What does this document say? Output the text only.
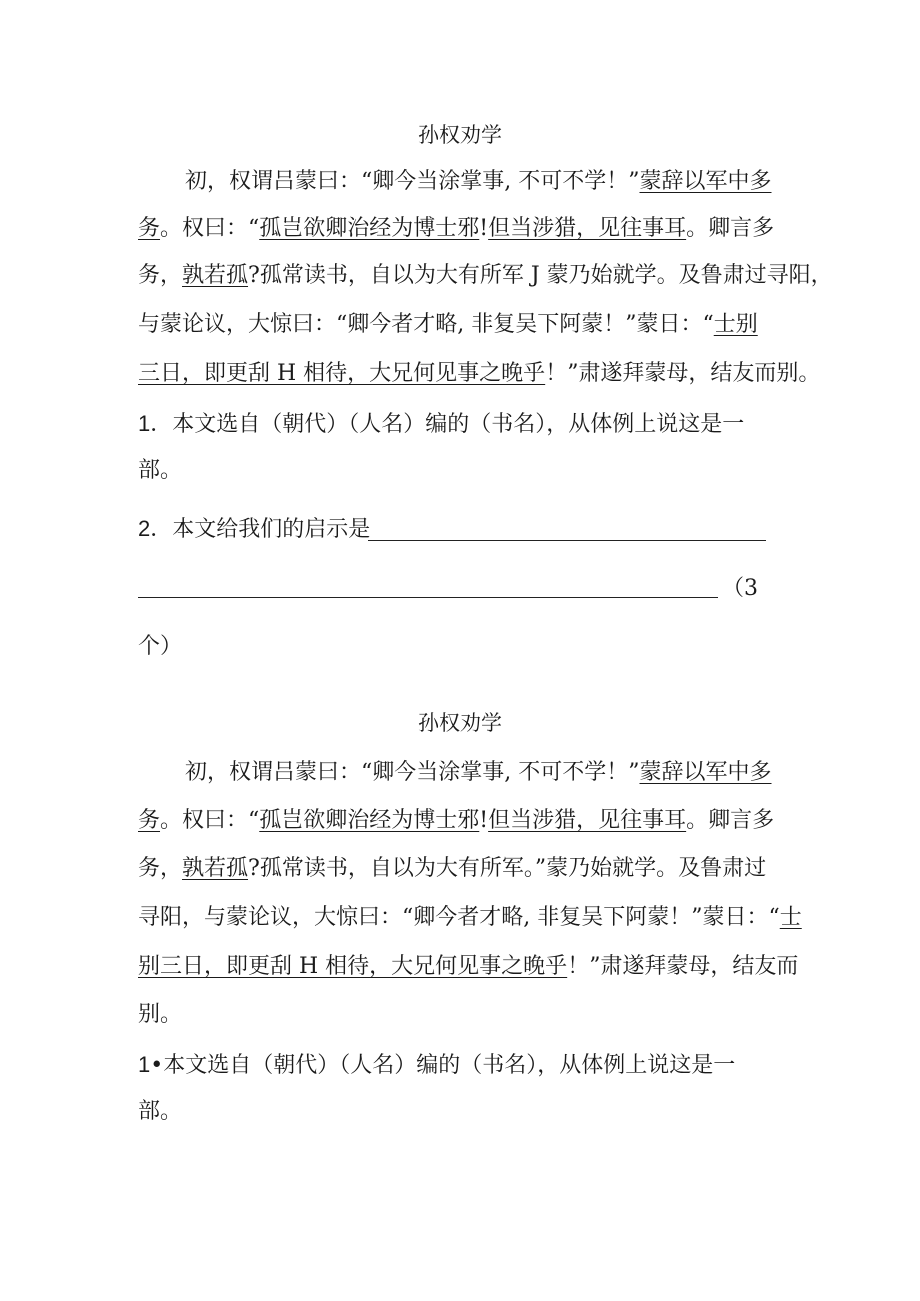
孙权劝学

初，权谓吕蒙曰：“卿今当涂掌事, 不可不学！”蒙辞以军中多

务。权曰：“孤岂欲卿治经为博士邪!但当涉猎，见往事耳。卿言多

务，孰若孤?孤常读书，自以为大有所军 J 蒙乃始就学。及鲁肃过寻阳，

与蒙论议，大惊曰：“卿今者才略, 非复吴下阿蒙！”蒙日：“士别

三日，即更刮 H 相待，大兄何见事之晚乎！”肃遂拜蒙母，结友而别。

1．本文选自（朝代）（人名）编的（书名），从体例上说这是一

部。

2．本文给我们的启示是

（3

个）

孙权劝学

初，权谓吕蒙曰：“卿今当涂掌事, 不可不学！”蒙辞以军中多

务。权曰：“孤岂欲卿治经为博士邪!但当涉猎，见往事耳。卿言多

务，孰若孤?孤常读书，自以为大有所军。”蒙乃始就学。及鲁肃过

寻阳，与蒙论议，大惊曰：“卿今者才略, 非复吴下阿蒙！”蒙日：“士

别三日，即更刮 H 相待，大兄何见事之晚乎！”肃遂拜蒙母，结友而

别。

1•本文选自（朝代）（人名）编的（书名），从体例上说这是一

部。
